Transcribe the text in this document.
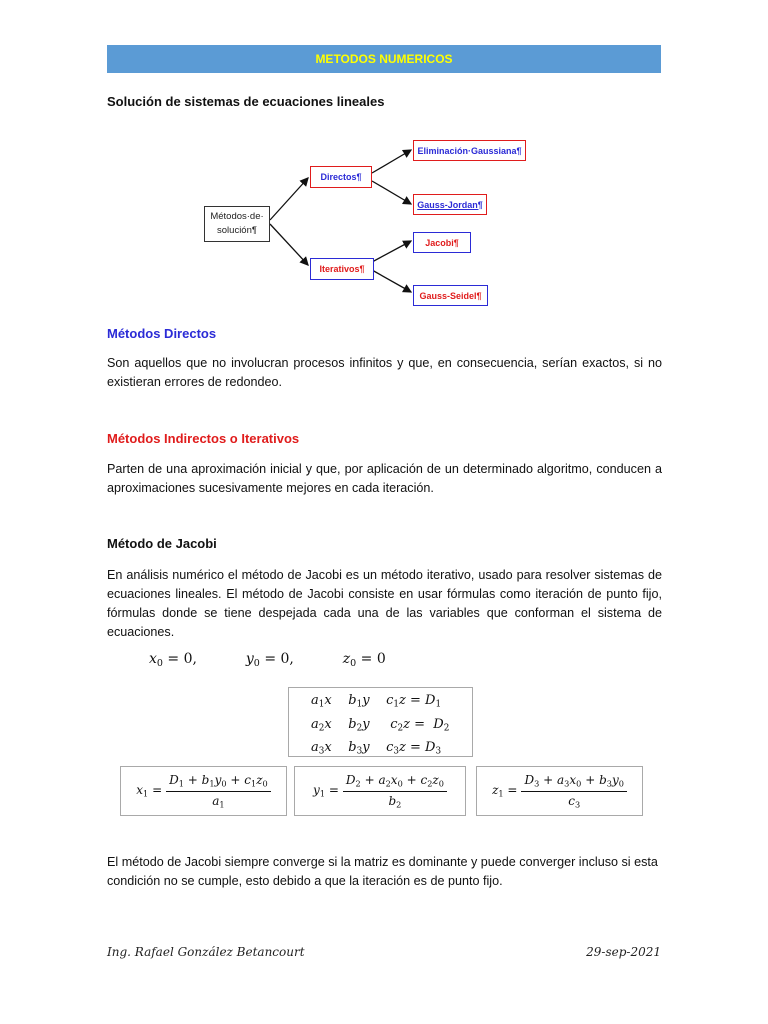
METODOS NUMERICOS
Solución de sistemas de ecuaciones lineales
Métodos·de·
solución¶
Directos¶
Iterativos¶
Eliminación·Gaussiana¶
Gauss-Jordan¶
Jacobi¶
Gauss-Seidel¶
Métodos Directos
Son aquellos que no involucran procesos infinitos y que, en consecuencia, serían exactos, si no existieran errores de redondeo.
Métodos Indirectos o Iterativos
Parten de una aproximación inicial y que, por aplicación de un determinado algoritmo, conducen a aproximaciones sucesivamente mejores en cada iteración.
Método de Jacobi
En análisis numérico el método de Jacobi es un método iterativo, usado para resolver sistemas de ecuaciones lineales. El método de Jacobi consiste en usar fórmulas como iteración de punto fijo, fórmulas donde se tiene despejada cada una de las variables que conforman el sistema de ecuaciones.
$x_0 = 0$,	$y_0 = 0$,	$z_0 = 0$
$a_1x$    $b_1y$    $c_1z = D_1$
$a_2x$    $b_2y$     $c_2z = D_2$
$a_3x$    $b_3y$    $c_3z = D_3$
$x_1 = \frac{D_1 + b_1y_0 + c_1z_0}{a_1}$	$y_1 = \frac{D_2 + a_2x_0 + c_2z_0}{b_2}$	$z_1 = \frac{D_3 + a_3x_0 + b_3y_0}{c_3}$
El método de Jacobi siempre converge si la matriz es dominante y puede converger incluso si esta condición no se cumple, esto debido a que la iteración es de punto fijo.
Ing. Rafael González Betancourt	29-sep-2021
